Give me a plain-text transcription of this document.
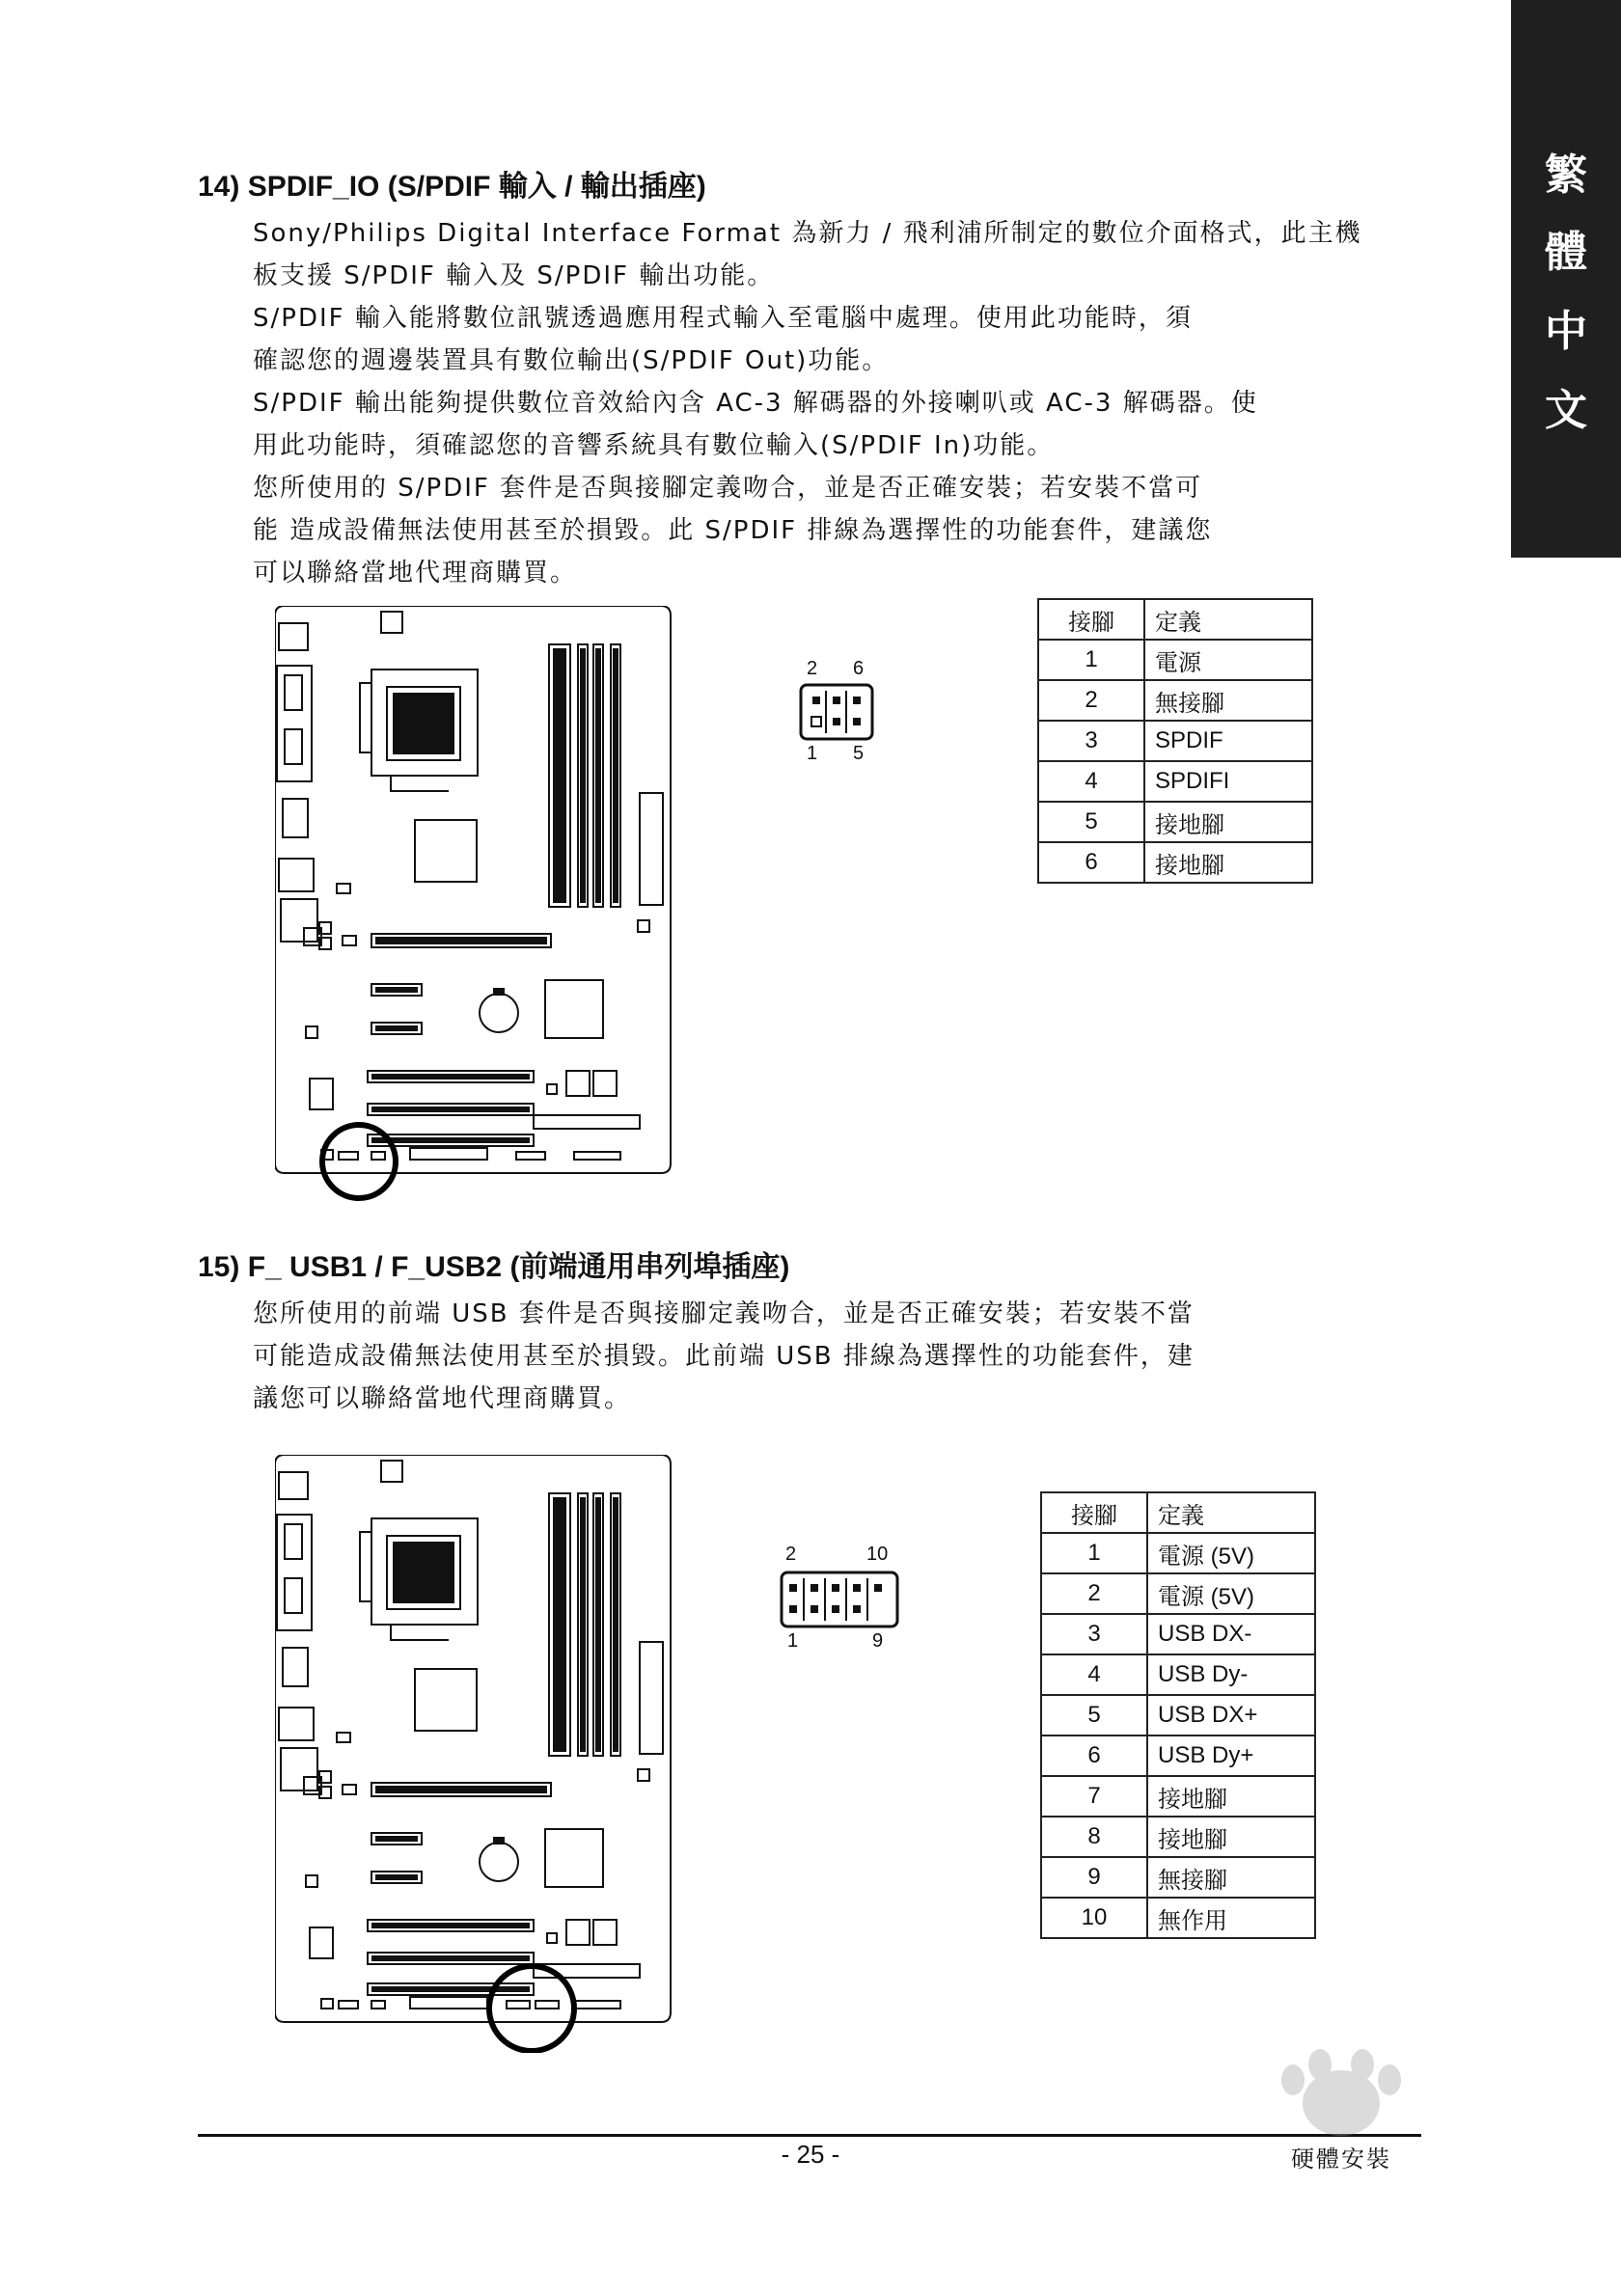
繁
體
中
文
14) SPDIF_IO (S/PDIF 輸入 / 輸出插座)
Sony/Philips Digital Interface Format 為新力 / 飛利浦所制定的數位介面格式，此主機
板支援 S/PDIF 輸入及 S/PDIF 輸出功能。
S/PDIF 輸入能將數位訊號透過應用程式輸入至電腦中處理。使用此功能時，須
確認您的週邊裝置具有數位輸出(S/PDIF Out)功能。
S/PDIF 輸出能夠提供數位音效給內含 AC-3 解碼器的外接喇叭或 AC-3 解碼器。使
用此功能時，須確認您的音響系統具有數位輸入(S/PDIF In)功能。
您所使用的 S/PDIF 套件是否與接腳定義吻合，並是否正確安裝；若安裝不當可
能 造成設備無法使用甚至於損毀。此 S/PDIF 排線為選擇性的功能套件，建議您
可以聯絡當地代理商購買。
2 6
1 5
接腳	定義
1	電源
2	無接腳
3	SPDIF
4	SPDIFI
5	接地腳
6	接地腳
15) F_ USB1 / F_USB2 (前端通用串列埠插座)
您所使用的前端 USB 套件是否與接腳定義吻合，並是否正確安裝；若安裝不當
可能造成設備無法使用甚至於損毀。此前端 USB 排線為選擇性的功能套件，建
議您可以聯絡當地代理商購買。
2	10
1	9
接腳	定義
1	電源 (5V)
2	電源 (5V)
3	USB DX-
4	USB Dy-
5	USB DX+
6	USB Dy+
7	接地腳
8	接地腳
9	無接腳
10	無作用
- 25 -	硬體安裝
